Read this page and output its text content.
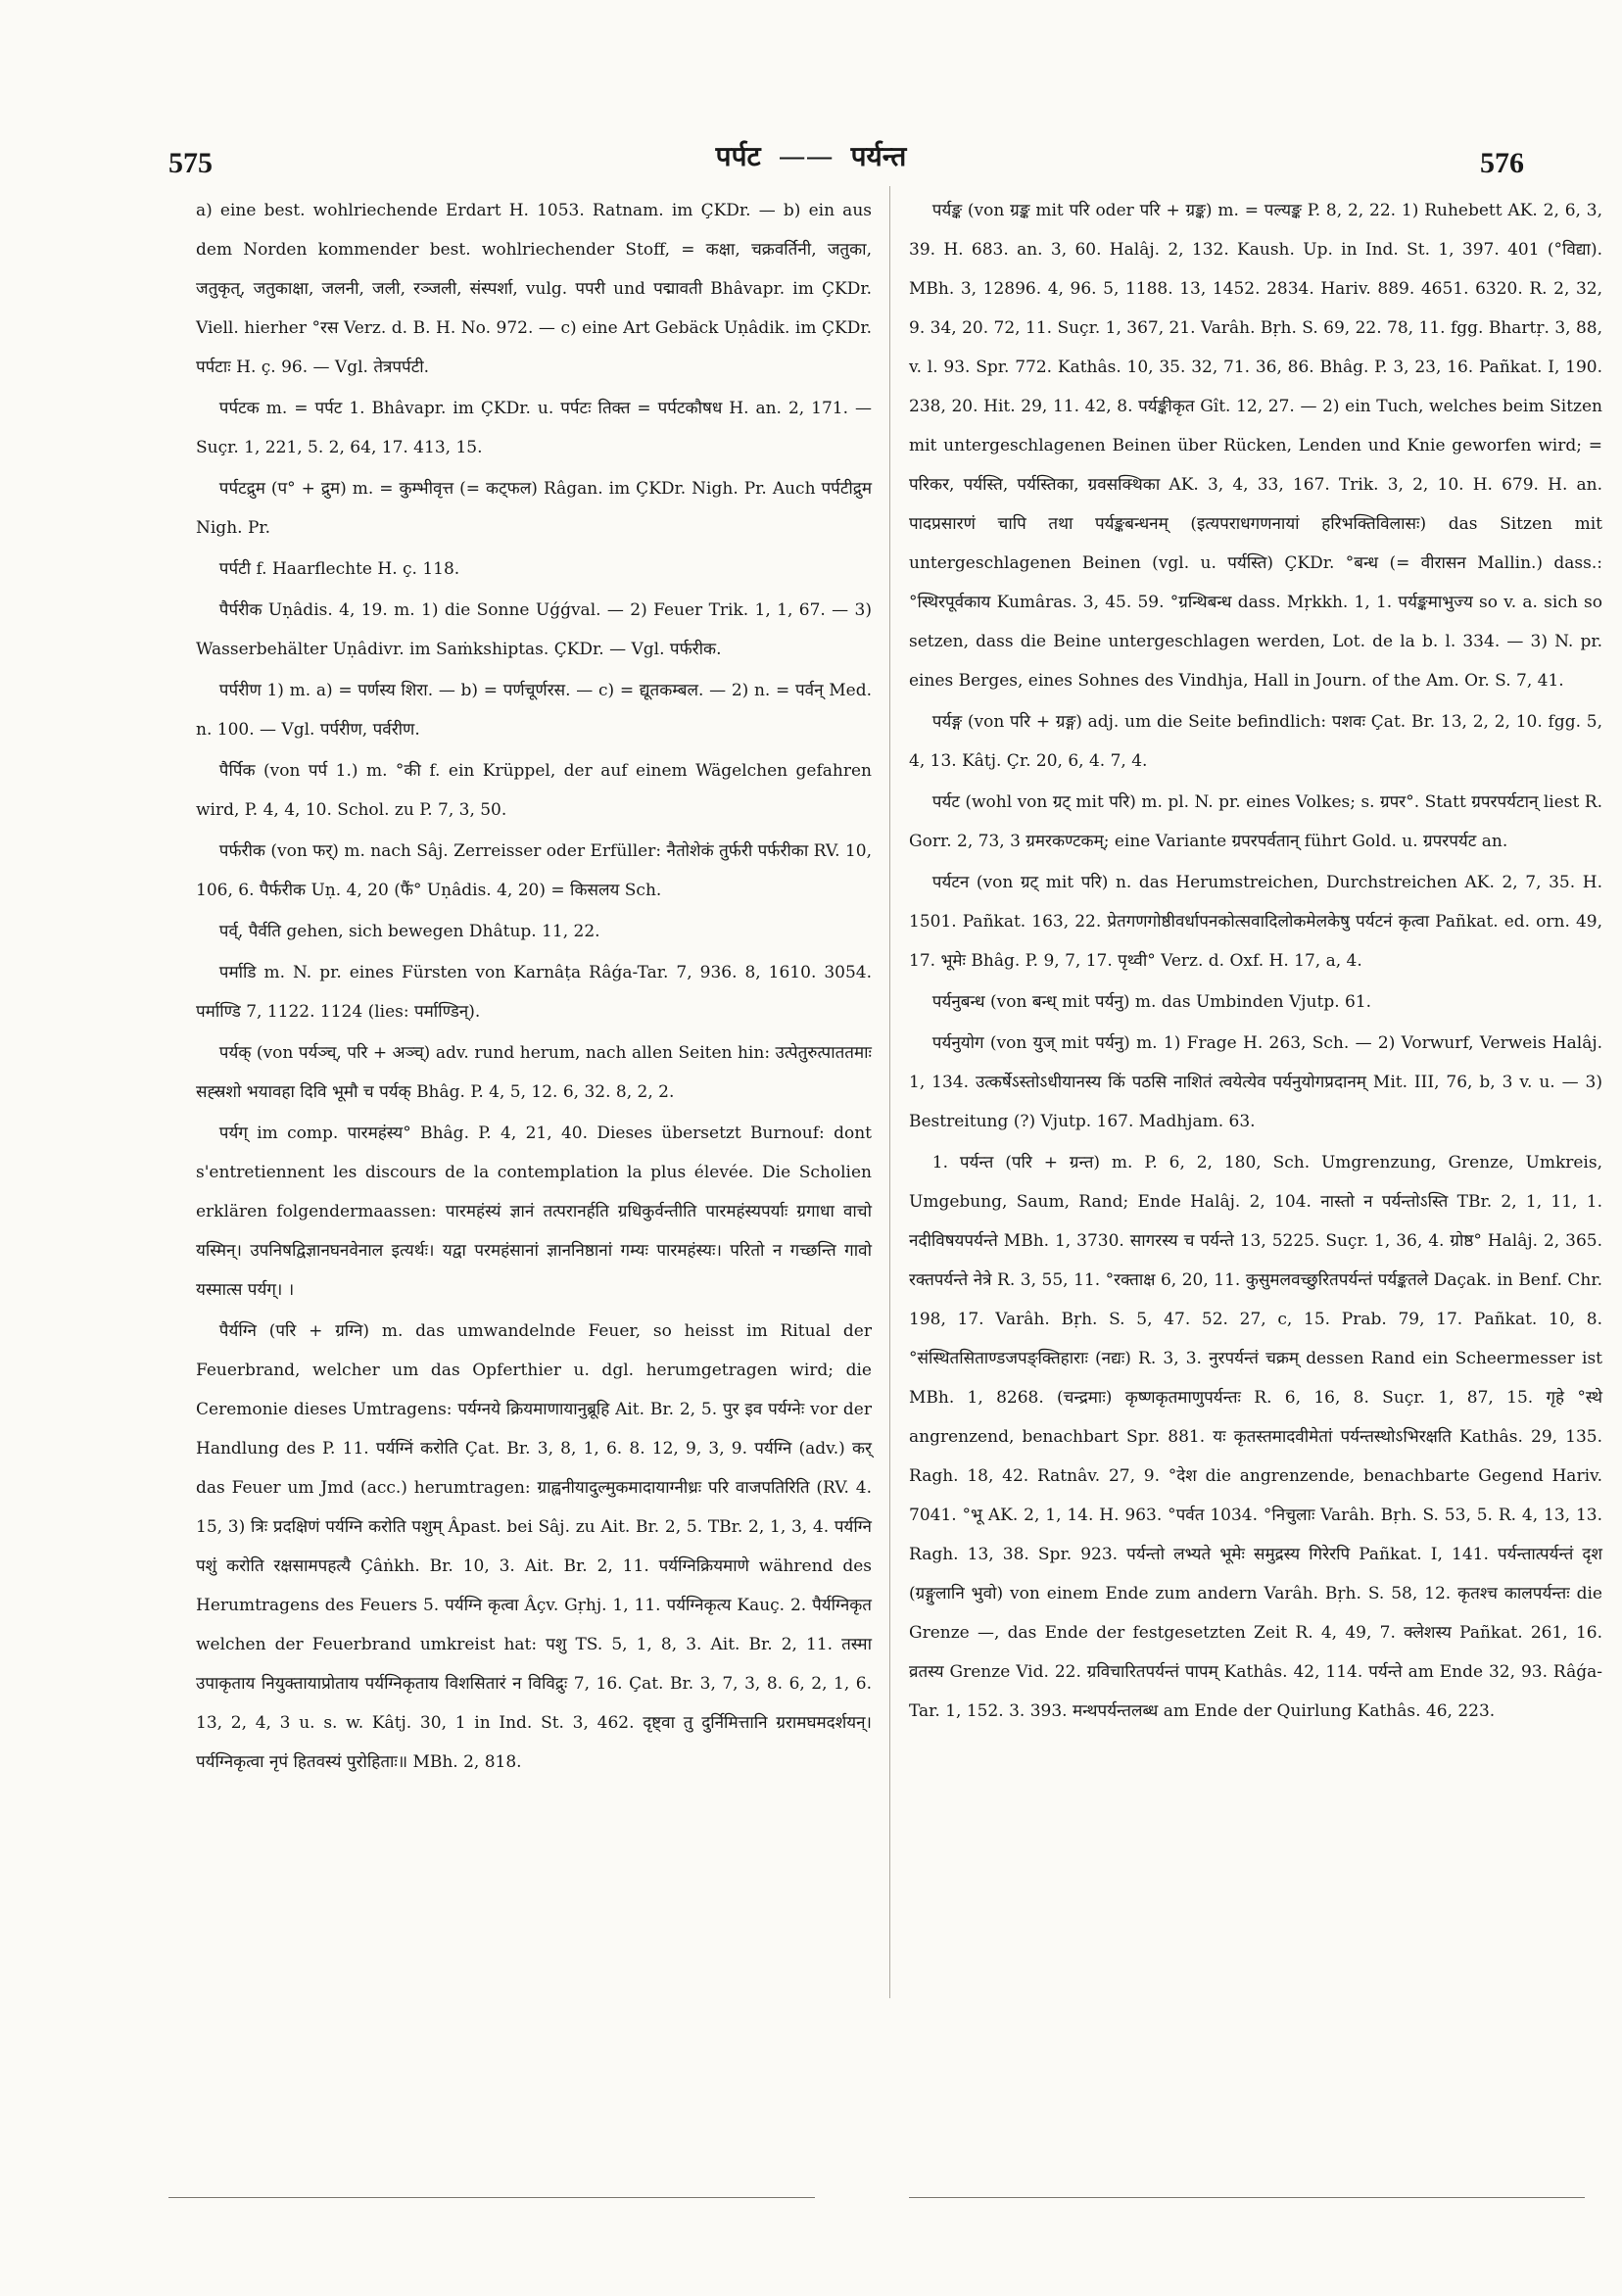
575	पर्पट —— पर्यन्त	576

a) eine best. wohlriechende Erdart H. 1053. Ratnam. im ÇKDr. — b) ein aus dem Norden kommender best. wohlriechender Stoff, = कक्षा, चक्रवर्तिनी, जतुका, जतुकृत्, जतुकाक्षा, जलनी, जली, रञ्जली, संस्पर्शा, vulg. पपरी und पद्मावती Bhâvapr. im ÇKDr. Viell. hierher °रस Verz. d. B. H. No. 972. — c) eine Art Gebäck Uṇâdik. im ÇKDr. पर्पटाः H. ç. 96. — Vgl. तेत्रपर्पटी.

पर्पटक m. = पर्पट 1. Bhâvapr. im ÇKDr. u. पर्पटः तिक्त = पर्पटकौषध H. an. 2, 171. — Suçr. 1, 221, 5. 2, 64, 17. 413, 15.

पर्पटद्रुम (प° + द्रुम) m. = कुम्भीवृत्त (= कट्फल) Râgan. im ÇKDr. Nigh. Pr. Auch पर्पटीद्रुम Nigh. Pr.

पर्पटी f. Haarflechte H. ç. 118.

पैर्परीक Uṇâdis. 4, 19. m. 1) die Sonne Uǵǵval. — 2) Feuer Trik. 1, 1, 67. — 3) Wasserbehälter Uṇâdivr. im Saṁkshiptas. ÇKDr. — Vgl. पर्फरीक.

पर्परीण 1) m. a) = पर्णस्य शिरा. — b) = पर्णचूर्णरस. — c) = द्यूतकम्बल. — 2) n. = पर्वन् Med. n. 100. — Vgl. पर्परीण, पर्वरीण.

पैर्पिक (von पर्प 1.) m. °की f. ein Krüppel, der auf einem Wägelchen gefahren wird, P. 4, 4, 10. Schol. zu P. 7, 3, 50.

पर्फरीक (von फर्) m. nach Sâj. Zerreisser oder Erfüller: नैतोशेकं तुर्फरी पर्फरीका RV. 10, 106, 6. पैर्फरीक Uṇ. 4, 20 (फैं° Uṇâdis. 4, 20) = किसलय Sch.

पर्व्, पैर्वति gehen, sich bewegen Dhâtup. 11, 22.

पर्माडि m. N. pr. eines Fürsten von Karnâṭa Râǵa-Tar. 7, 936. 8, 1610. 3054. पर्माण्डि 7, 1122. 1124 (lies: पर्माण्डिन्).

पर्यक् (von पर्यञ्च्, परि + अञ्च्) adv. rund herum, nach allen Seiten hin: उत्पेतुरुत्पाततमाः सह्स्रशो भयावहा दिवि भूमौ च पर्यक् Bhâg. P. 4, 5, 12. 6, 32. 8, 2, 2.

पर्यग् im comp. पारमहंस्य° Bhâg. P. 4, 21, 40. Dieses übersetzt Burnouf: dont s'entretiennent les discours de la contemplation la plus élevée. Die Scholien erklären folgendermaassen: पारमहंस्यं ज्ञानं तत्परानर्हति ग्रधिकुर्वन्तीति पारमहंस्यपर्याः ग्रगाधा वाचो यस्मिन्। उपनिषद्विज्ञानघनवेनाल इत्यर्थः। यद्वा परमहंसानां ज्ञाननिष्ठानां गम्यः पारमहंस्यः। परितो न गच्छन्ति गावो यस्मात्स पर्यग्। ।

पैर्यग्नि (परि + ग्रग्नि) m. das umwandelnde Feuer, so heisst im Ritual der Feuerbrand, welcher um das Opferthier u. dgl. herumgetragen wird; die Ceremonie dieses Umtragens: पर्यग्नये क्रियमाणायानुब्रूहि Ait. Br. 2, 5. पुर इव पर्यग्नेः vor der Handlung des P. 11. पर्यग्निं करोति Çat. Br. 3, 8, 1, 6. 8. 12, 9, 3, 9. पर्यग्नि (adv.) कर् das Feuer um Jmd (acc.) herumtragen: ग्राह्वनीयादुल्मुकमादायाग्नीध्रः परि वाजपतिरिति (RV. 4. 15, 3) त्रिः प्रदक्षिणं पर्यग्नि करोति पशुम् Âpast. bei Sâj. zu Ait. Br. 2, 5. TBr. 2, 1, 3, 4. पर्यग्नि पशुं करोति रक्षसामपहत्यै Çâṅkh. Br. 10, 3. Ait. Br. 2, 11. पर्यग्निक्रियमाणे während des Herumtragens des Feuers 5. पर्यग्नि कृत्वा Âçv. Gṛhj. 1, 11. पर्यग्निकृत्य Kauç. 2. पैर्यग्निकृत welchen der Feuerbrand umkreist hat: पशु TS. 5, 1, 8, 3. Ait. Br. 2, 11. तस्मा उपाकृताय नियुक्तायाप्रोताय पर्यग्निकृताय विशसितारं न विविद्रुः 7, 16. Çat. Br. 3, 7, 3, 8. 6, 2, 1, 6. 13, 2, 4, 3 u. s. w. Kâtj. 30, 1 in Ind. St. 3, 462. दृष्ट्वा तु दुर्निमित्तानि ग्ररामघमदर्शयन्। पर्यग्निकृत्वा नृपं हितवस्यं पुरोहिताः॥ MBh. 2, 818.

पर्यङ्क (von ग्रङ्क mit परि oder परि + ग्रङ्क) m. = पल्यङ्क P. 8, 2, 22. 1) Ruhebett AK. 2, 6, 3, 39. H. 683. an. 3, 60. Halâj. 2, 132. Kaush. Up. in Ind. St. 1, 397. 401 (°विद्या). MBh. 3, 12896. 4, 96. 5, 1188. 13, 1452. 2834. Hariv. 889. 4651. 6320. R. 2, 32, 9. 34, 20. 72, 11. Suçr. 1, 367, 21. Varâh. Bṛh. S. 69, 22. 78, 11. fgg. Bhartṛ. 3, 88, v. l. 93. Spr. 772. Kathâs. 10, 35. 32, 71. 36, 86. Bhâg. P. 3, 23, 16. Pañkat. I, 190. 238, 20. Hit. 29, 11. 42, 8. पर्यङ्कीकृत Gît. 12, 27. — 2) ein Tuch, welches beim Sitzen mit untergeschlagenen Beinen über Rücken, Lenden und Knie geworfen wird; = परिकर, पर्यस्ति, पर्यस्तिका, ग्रवसक्थिका AK. 3, 4, 33, 167. Trik. 3, 2, 10. H. 679. H. an. पादप्रसारणं चापि तथा पर्यङ्कबन्धनम् (इत्यपराधगणनायां हरिभक्तिविलासः) das Sitzen mit untergeschlagenen Beinen (vgl. u. पर्यस्ति) ÇKDr. °बन्ध (= वीरासन Mallin.) dass.: °स्थिरपूर्वकाय Kumâras. 3, 45. 59. °ग्रन्थिबन्ध dass. Mṛkkh. 1, 1. पर्यङ्कमाभुज्य so v. a. sich so setzen, dass die Beine untergeschlagen werden, Lot. de la b. l. 334. — 3) N. pr. eines Berges, eines Sohnes des Vindhja, Hall in Journ. of the Am. Or. S. 7, 41.

पर्यङ्ग (von परि + ग्रङ्ग) adj. um die Seite befindlich: पशवः Çat. Br. 13, 2, 2, 10. fgg. 5, 4, 13. Kâtj. Çr. 20, 6, 4. 7, 4.

पर्यट (wohl von ग्रट् mit परि) m. pl. N. pr. eines Volkes; s. ग्रपर°. Statt ग्रपरपर्यटान् liest R. Gorr. 2, 73, 3 ग्रमरकण्टकम्; eine Variante ग्रपरपर्वतान् führt Gold. u. ग्रपरपर्यट an.

पर्यटन (von ग्रट् mit परि) n. das Herumstreichen, Durchstreichen AK. 2, 7, 35. H. 1501. Pañkat. 163, 22. प्रेतगणगोष्ठीवर्धापनकोत्सवादिलोकमेलकेषु पर्यटनं कृत्वा Pañkat. ed. orn. 49, 17. भूमेः Bhâg. P. 9, 7, 17. पृथ्वी° Verz. d. Oxf. H. 17, a, 4.

पर्यनुबन्ध (von बन्ध् mit पर्यनु) m. das Umbinden Vjutp. 61.

पर्यनुयोग (von युज् mit पर्यनु) m. 1) Frage H. 263, Sch. — 2) Vorwurf, Verweis Halâj. 1, 134. उत्कर्षेऽस्तोऽधीयानस्य किं पठसि नाशितं त्वयेत्येव पर्यनुयोगप्रदानम् Mit. III, 76, b, 3 v. u. — 3) Bestreitung (?) Vjutp. 167. Madhjam. 63.

1. पर्यन्त (परि + ग्रन्त) m. P. 6, 2, 180, Sch. Umgrenzung, Grenze, Umkreis, Umgebung, Saum, Rand; Ende Halâj. 2, 104. नास्तो न पर्यन्तोऽस्ति TBr. 2, 1, 11, 1. नदीविषयपर्यन्ते MBh. 1, 3730. सागरस्य च पर्यन्ते 13, 5225. Suçr. 1, 36, 4. ग्रोष्ठ° Halâj. 2, 365. रक्तपर्यन्ते नेत्रे R. 3, 55, 11. °रक्ताक्ष 6, 20, 11. कुसुमलवच्छुरितपर्यन्तं पर्यङ्कतले Daçak. in Benf. Chr. 198, 17. Varâh. Bṛh. S. 5, 47. 52. 27, c, 15. Prab. 79, 17. Pañkat. 10, 8. °संस्थितसिताण्डजपङ्क्तिहाराः (नद्यः) R. 3, 3. नुरपर्यन्तं चक्रम् dessen Rand ein Scheermesser ist MBh. 1, 8268. (चन्द्रमाः) कृष्णकृतमाणुपर्यन्तः R. 6, 16, 8. Suçr. 1, 87, 15. गृहे °स्थे angrenzend, benachbart Spr. 881. यः कृतस्तमादवीमेतां पर्यन्तस्थोऽभिरक्षति Kathâs. 29, 135. Ragh. 18, 42. Ratnâv. 27, 9. °देश die angrenzende, benachbarte Gegend Hariv. 7041. °भू AK. 2, 1, 14. H. 963. °पर्वत 1034. °निचुलाः Varâh. Bṛh. S. 53, 5. R. 4, 13, 13. Ragh. 13, 38. Spr. 923. पर्यन्तो लभ्यते भूमेः समुद्रस्य गिरेरपि Pañkat. I, 141. पर्यन्तात्पर्यन्तं दृश (ग्रङ्गुलानि भुवो) von einem Ende zum andern Varâh. Bṛh. S. 58, 12. कृतश्च कालपर्यन्तः die Grenze —, das Ende der festgesetzten Zeit R. 4, 49, 7. क्लेशस्य Pañkat. 261, 16. व्रतस्य Grenze Vid. 22. ग्रविचारितपर्यन्तं पापम् Kathâs. 42, 114. पर्यन्ते am Ende 32, 93. Râǵa-Tar. 1, 152. 3. 393. मन्थपर्यन्तलब्ध am Ende der Quirlung Kathâs. 46, 223.
